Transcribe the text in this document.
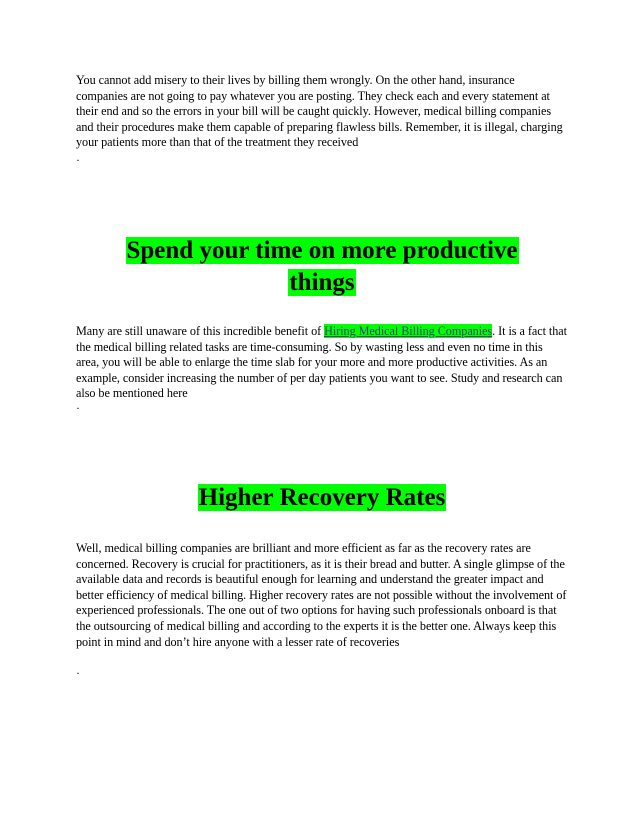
You cannot add misery to their lives by billing them wrongly. On the other hand, insurance companies are not going to pay whatever you are posting. They check each and every statement at their end and so the errors in your bill will be caught quickly. However, medical billing companies and their procedures make them capable of preparing flawless bills. Remember, it is illegal, charging your patients more than that of the treatment they received

·

Spend your time on more productive
things

Many are still unaware of this incredible benefit of Hiring Medical Billing Companies. It is a fact that the medical billing related tasks are time-consuming. So by wasting less and even no time in this area, you will be able to enlarge the time slab for your more and more productive activities. As an example, consider increasing the number of per day patients you want to see. Study and research can also be mentioned here

·

Higher Recovery Rates

Well, medical billing companies are brilliant and more efficient as far as the recovery rates are concerned. Recovery is crucial for practitioners, as it is their bread and butter. A single glimpse of the available data and records is beautiful enough for learning and understand the greater impact and better efficiency of medical billing. Higher recovery rates are not possible without the involvement of experienced professionals. The one out of two options for having such professionals onboard is that the outsourcing of medical billing and according to the experts it is the better one. Always keep this point in mind and don’t hire anyone with a lesser rate of recoveries

·
